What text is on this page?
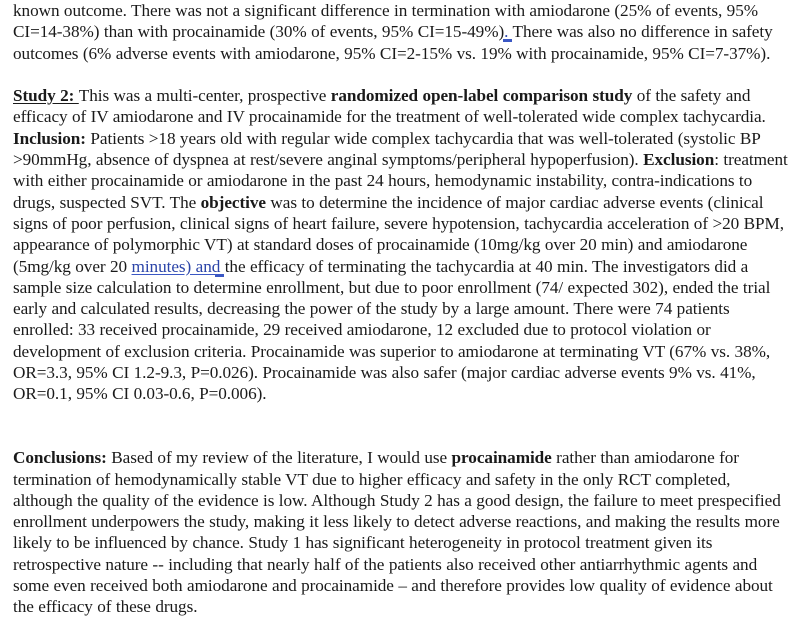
known outcome. There was not a significant difference in termination with amiodarone (25% of events, 95% CI=14-38%) than with procainamide (30% of events, 95% CI=15-49%). There was also no difference in safety outcomes (6% adverse events with amiodarone, 95% CI=2-15% vs. 19% with procainamide, 95% CI=7-37%).

Study 2: This was a multi-center, prospective randomized open-label comparison study of the safety and efficacy of IV amiodarone and IV procainamide for the treatment of well-tolerated wide complex tachycardia. Inclusion: Patients >18 years old with regular wide complex tachycardia that was well-tolerated (systolic BP >90mmHg, absence of dyspnea at rest/severe anginal symptoms/peripheral hypoperfusion). Exclusion: treatment with either procainamide or amiodarone in the past 24 hours, hemodynamic instability, contra-indications to drugs, suspected SVT. The objective was to determine the incidence of major cardiac adverse events (clinical signs of poor perfusion, clinical signs of heart failure, severe hypotension, tachycardia acceleration of >20 BPM, appearance of polymorphic VT) at standard doses of procainamide (10mg/kg over 20 min) and amiodarone (5mg/kg over 20 minutes) and the efficacy of terminating the tachycardia at 40 min. The investigators did a sample size calculation to determine enrollment, but due to poor enrollment (74/ expected 302), ended the trial early and calculated results, decreasing the power of the study by a large amount. There were 74 patients enrolled: 33 received procainamide, 29 received amiodarone, 12 excluded due to protocol violation or development of exclusion criteria. Procainamide was superior to amiodarone at terminating VT (67% vs. 38%, OR=3.3, 95% CI 1.2-9.3, P=0.026). Procainamide was also safer (major cardiac adverse events 9% vs. 41%, OR=0.1, 95% CI 0.03-0.6, P=0.006).

Conclusions: Based of my review of the literature, I would use procainamide rather than amiodarone for termination of hemodynamically stable VT due to higher efficacy and safety in the only RCT completed, although the quality of the evidence is low. Although Study 2 has a good design, the failure to meet prespecified enrollment underpowers the study, making it less likely to detect adverse reactions, and making the results more likely to be influenced by chance. Study 1 has significant heterogeneity in protocol treatment given its retrospective nature -- including that nearly half of the patients also received other antiarrhythmic agents and some even received both amiodarone and procainamide – and therefore provides low quality of evidence about the efficacy of these drugs.
